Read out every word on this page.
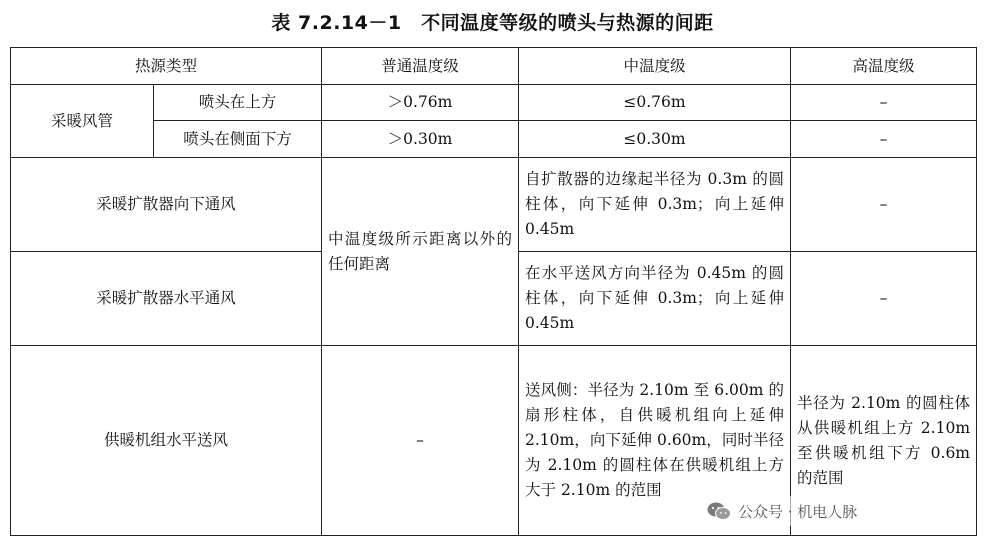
表 7.2.14－1　不同温度等级的喷头与热源的间距
热源类型		普通温度级	中温度级	高温度级
采暖风管	喷头在上方	＞0.76m	≤0.76m	–
	喷头在侧面下方	＞0.30m	≤0.30m	–
采暖扩散器向下通风		中温度级所示距离以外的任何距离	自扩散器的边缘起半径为 0.3m 的圆柱体，向下延伸 0.3m；向上延伸 0.45m	–
采暖扩散器水平通风			在水平送风方向半径为 0.45m 的圆柱体，向下延伸 0.3m；向上延伸 0.45m	–
供暖机组水平送风		–	送风侧：半径为 2.10m 至 6.00m 的扇形柱体，自供暖机组向上延伸 2.10m，向下延伸 0.60m，同时半径为 2.10m 的圆柱体在供暖机组上方大于 2.10m 的范围	半径为 2.10m 的圆柱体从供暖机组上方 2.10m 至供暖机组下方 0.6m 的范围
公众号 · 机电人脉
